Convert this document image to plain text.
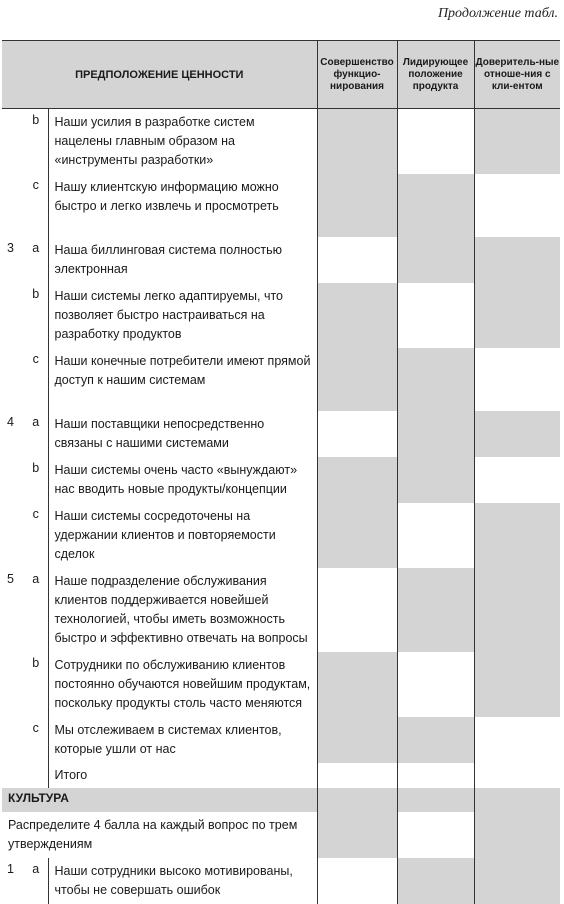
Продолжение табл.
ПРЕДПОЛОЖЕНИЕ ЦЕННОСТИ			Совершенство функцио-нирования	Лидирующее положение продукта	Доверитель-ные отноше-ния с кли-ентом
	b	Наши усилия в разработке систем нацелены главным образом на «инструменты разработки»			
	c	Нашу клиентскую информацию можно быстро и легко извлечь и просмотреть			
3	a	Наша биллинговая система полностью электронная			
	b	Наши системы легко адаптируемы, что позволяет быстро настраиваться на разработку продуктов			
	c	Наши конечные потребители имеют прямой доступ к нашим системам			
4	a	Наши поставщики непосредственно связаны с нашими системами			
	b	Наши системы очень часто «вынуждают» нас вводить новые продукты/концепции			
	c	Наши системы сосредоточены на удержании клиентов и повторяемости сделок			
5	a	Наше подразделение обслуживания клиентов поддерживается новейшей технологией, чтобы иметь возможность быстро и эффективно отвечать на вопросы			
	b	Сотрудники по обслуживанию клиентов постоянно обучаются новейшим продуктам, поскольку продукты столь часто меняются			
	c	Мы отслеживаем в системах клиентов, которые ушли от нас			
		Итого			
КУЛЬТУРА					
Распределите 4 балла на каждый вопрос по трем утверждениям					
1	a	Наши сотрудники высоко мотивированы, чтобы не совершать ошибок			
